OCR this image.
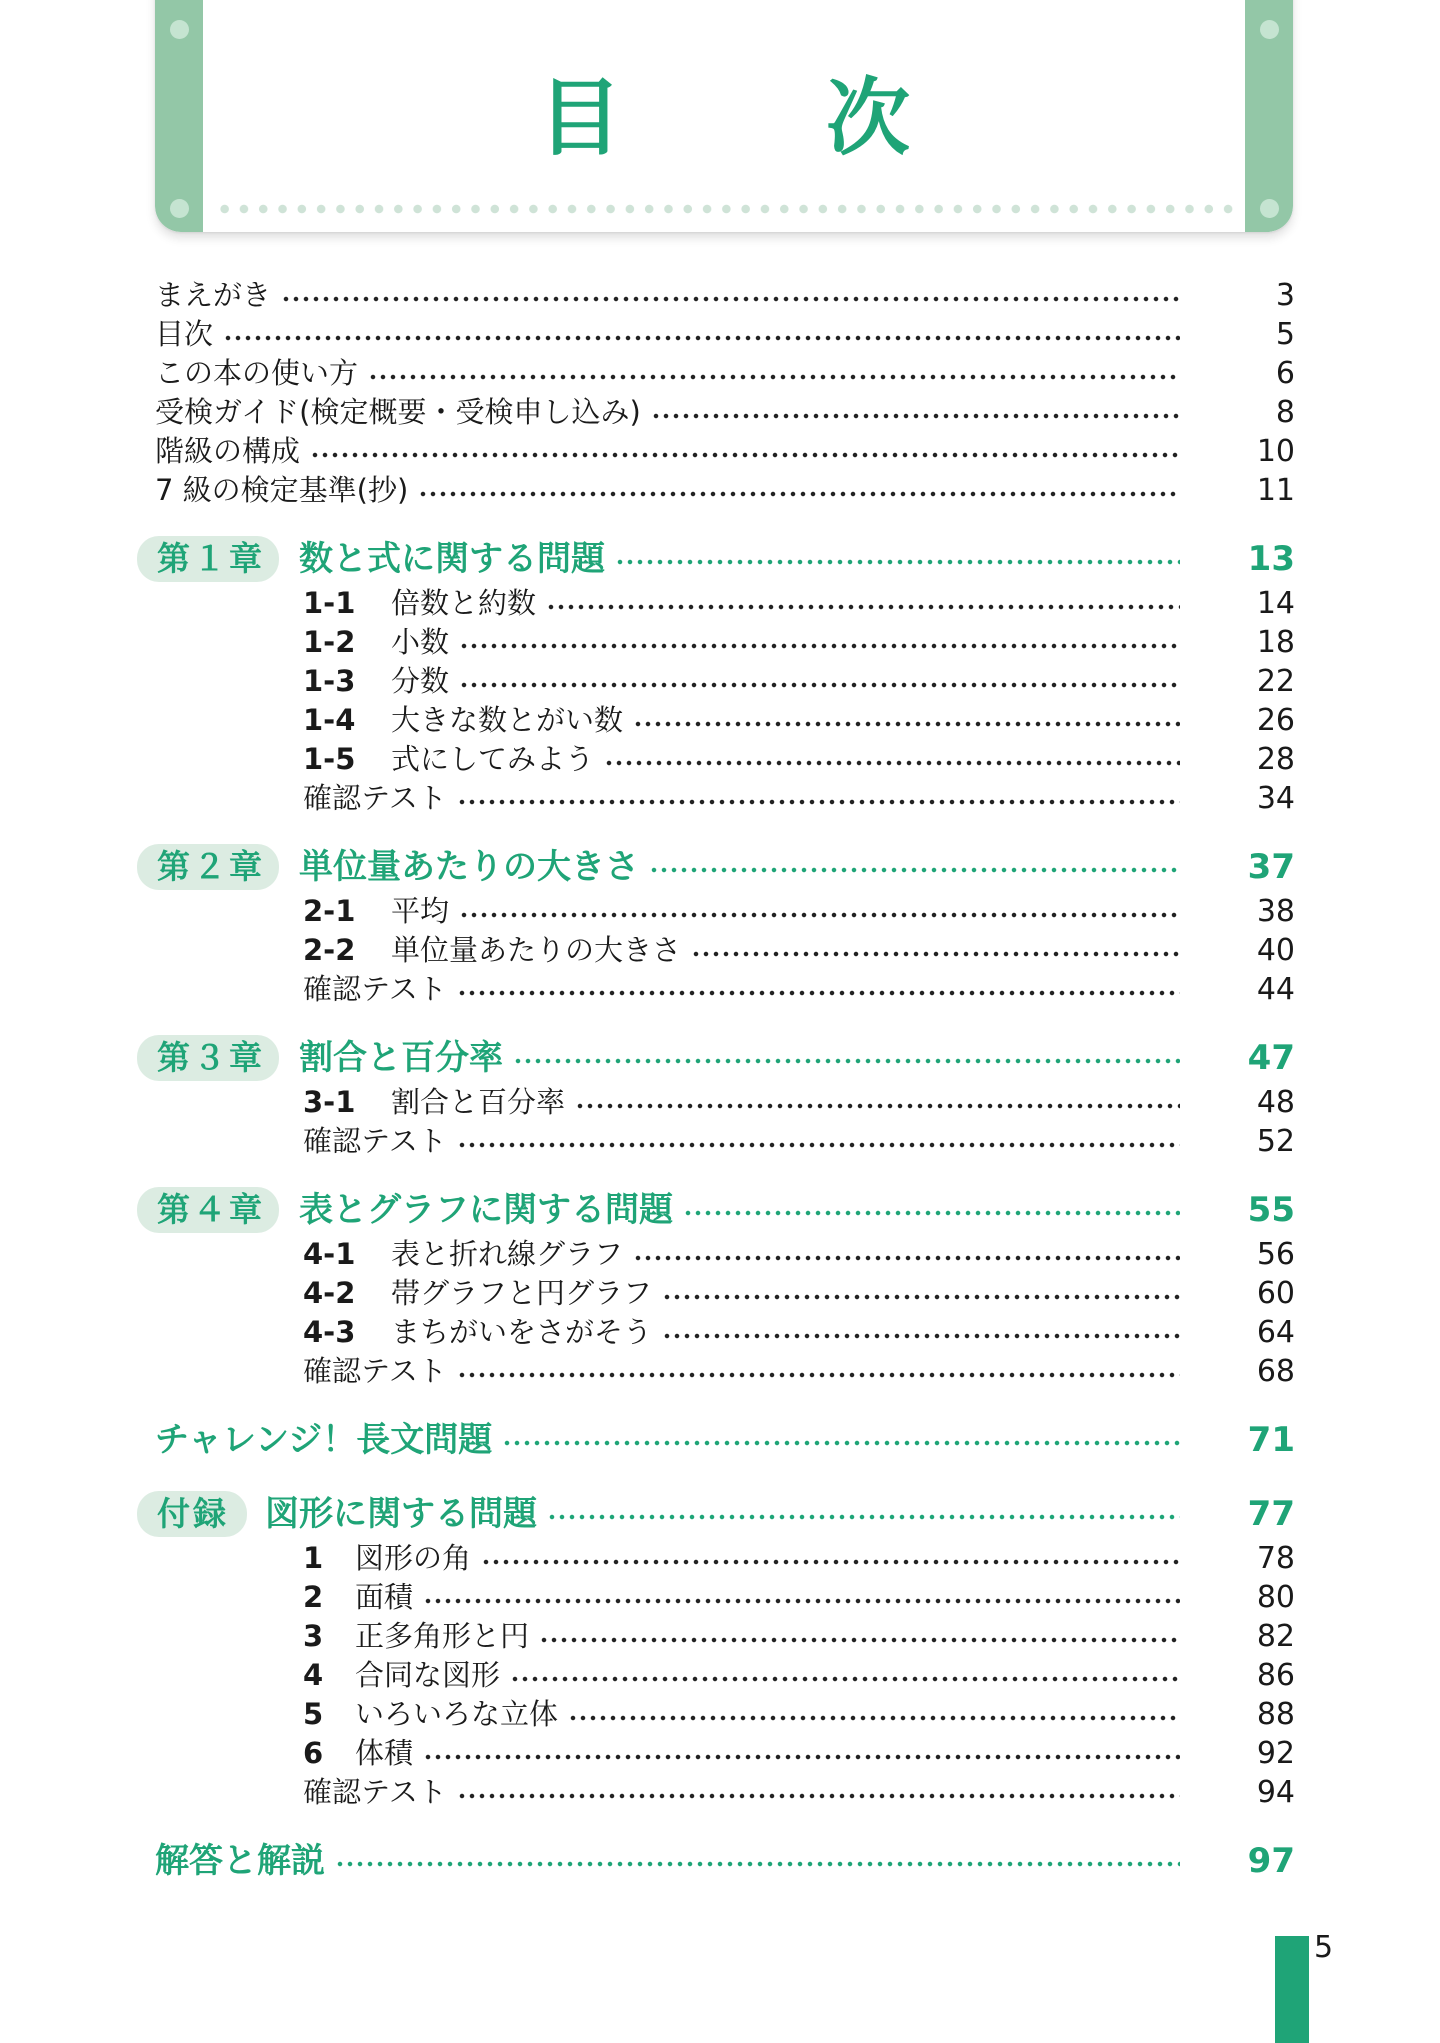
目　次
まえがき	3
目次	5
この本の使い方	6
受検ガイド(検定概要・受検申し込み)	8
階級の構成	10
7 級の検定基準(抄)	11
第１章 数と式に関する問題	13
1-1 倍数と約数	14
1-2 小数	18
1-3 分数	22
1-4 大きな数とがい数	26
1-5 式にしてみよう	28
確認テスト	34
第２章 単位量あたりの大きさ	37
2-1 平均	38
2-2 単位量あたりの大きさ	40
確認テスト	44
第３章 割合と百分率	47
3-1 割合と百分率	48
確認テスト	52
第４章 表とグラフに関する問題	55
4-1 表と折れ線グラフ	56
4-2 帯グラフと円グラフ	60
4-3 まちがいをさがそう	64
確認テスト	68
チャレンジ！長文問題	71
付録 図形に関する問題	77
1 図形の角	78
2 面積	80
3 正多角形と円	82
4 合同な図形	86
5 いろいろな立体	88
6 体積	92
確認テスト	94
解答と解説	97
5
